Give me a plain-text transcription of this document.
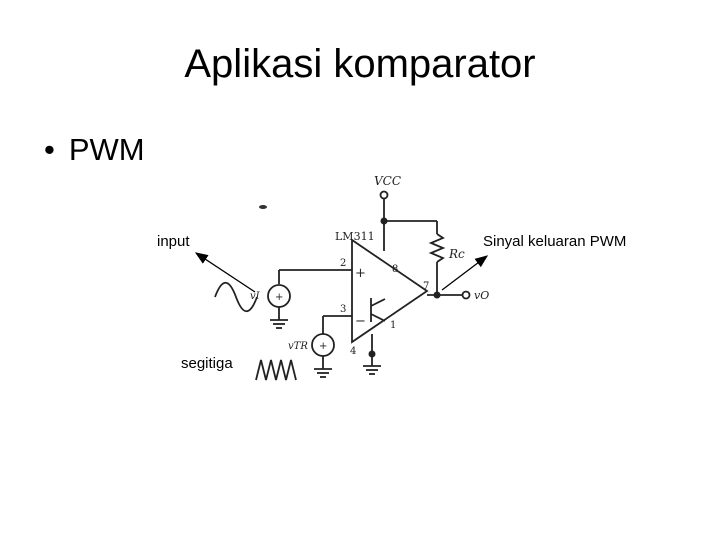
Aplikasi komparator
• PWM
input
segitiga
Sinyal keluaran PWM
VCC
LM311
Rc
vI
vTR
vO
2
3
8
7
1
4
+
−
+
+
